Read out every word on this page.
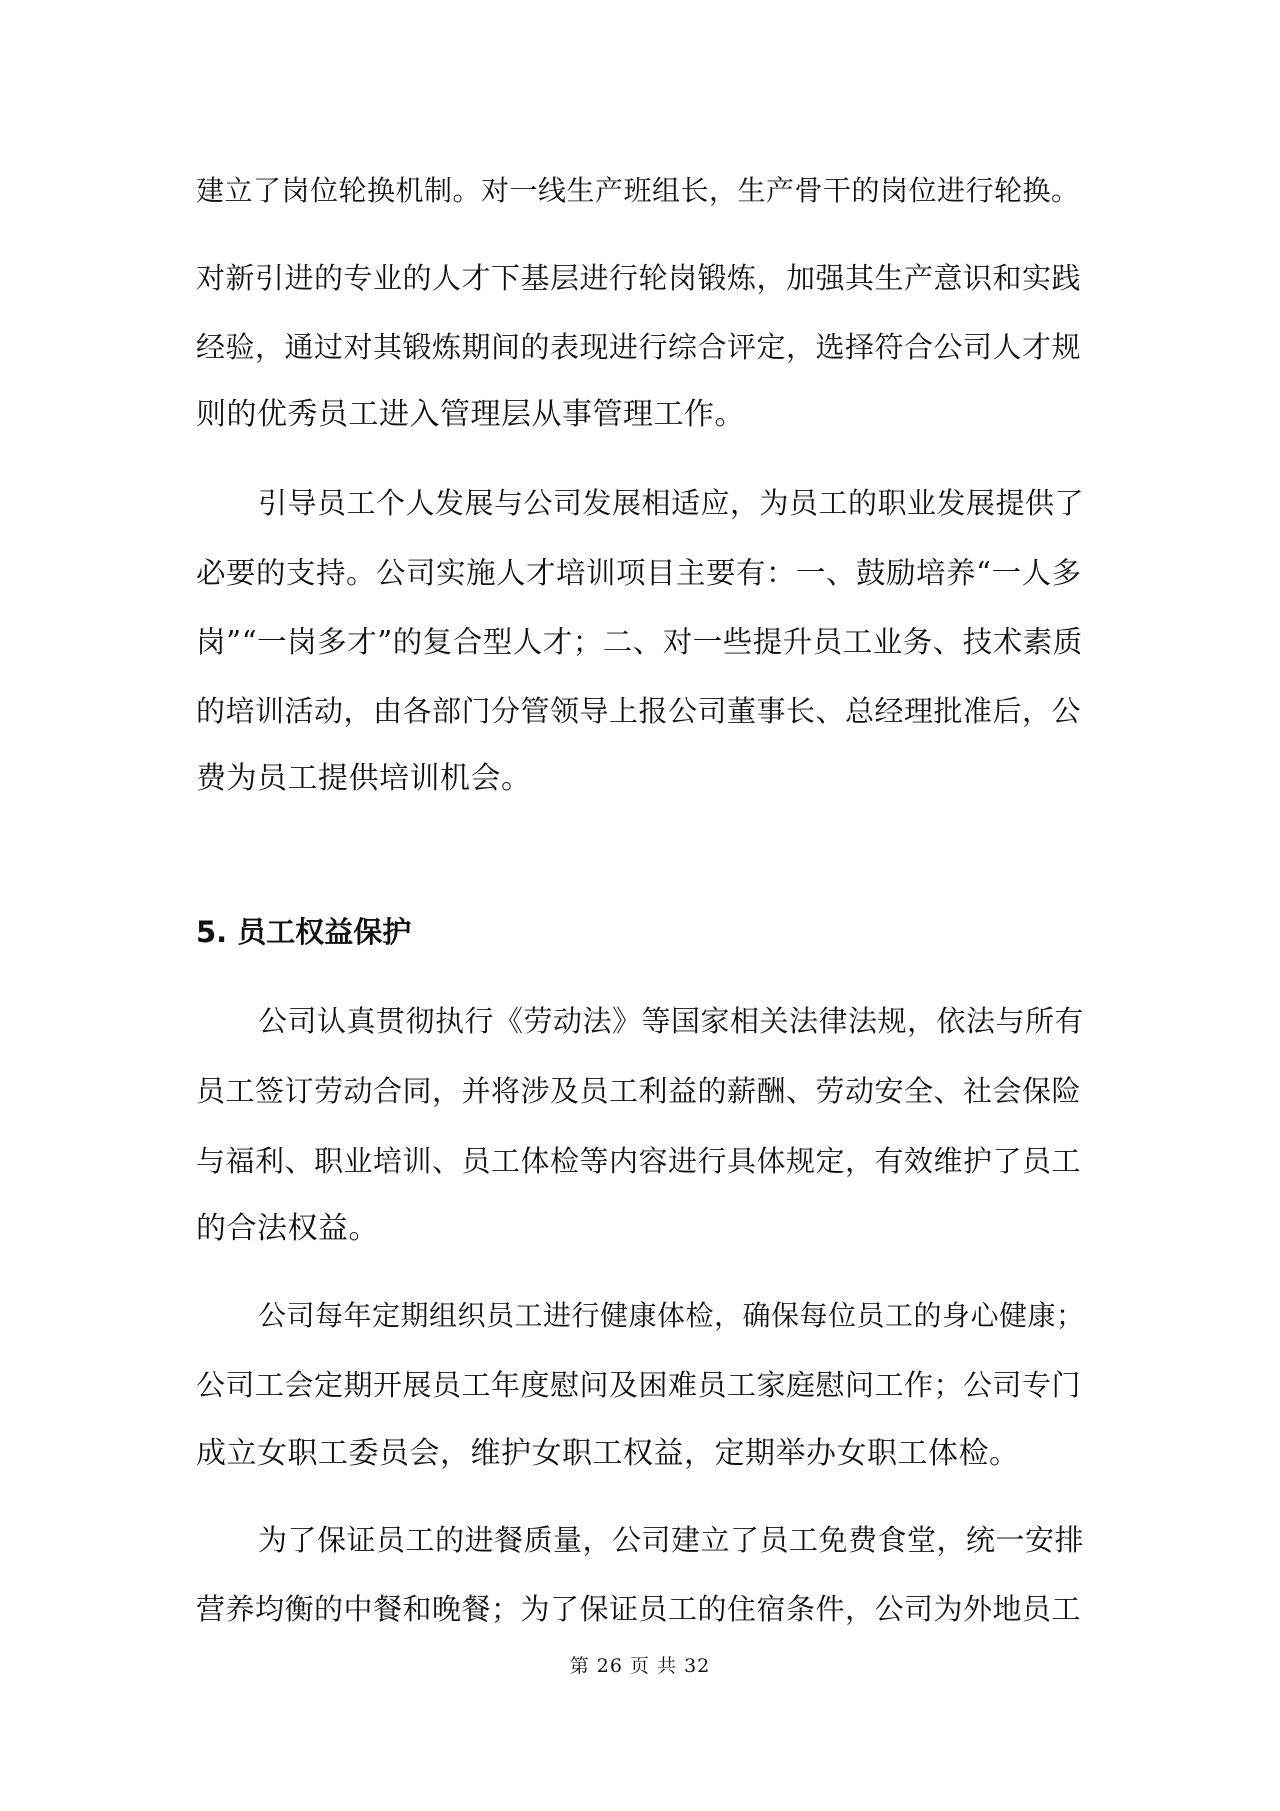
建立了岗位轮换机制。对一线生产班组长，生产骨干的岗位进行轮换。
对新引进的专业的人才下基层进行轮岗锻炼，加强其生产意识和实践
经验，通过对其锻炼期间的表现进行综合评定，选择符合公司人才规
则的优秀员工进入管理层从事管理工作。
引导员工个人发展与公司发展相适应，为员工的职业发展提供了
必要的支持。公司实施人才培训项目主要有：一、鼓励培养“一人多
岗”“一岗多才”的复合型人才；二、对一些提升员工业务、技术素质
的培训活动，由各部门分管领导上报公司董事长、总经理批准后，公
费为员工提供培训机会。
5. 员工权益保护
公司认真贯彻执行《劳动法》等国家相关法律法规，依法与所有
员工签订劳动合同，并将涉及员工利益的薪酬、劳动安全、社会保险
与福利、职业培训、员工体检等内容进行具体规定，有效维护了员工
的合法权益。
公司每年定期组织员工进行健康体检，确保每位员工的身心健康；
公司工会定期开展员工年度慰问及困难员工家庭慰问工作；公司专门
成立女职工委员会，维护女职工权益，定期举办女职工体检。
为了保证员工的进餐质量，公司建立了员工免费食堂，统一安排
营养均衡的中餐和晚餐；为了保证员工的住宿条件，公司为外地员工
第 26 页 共 32
